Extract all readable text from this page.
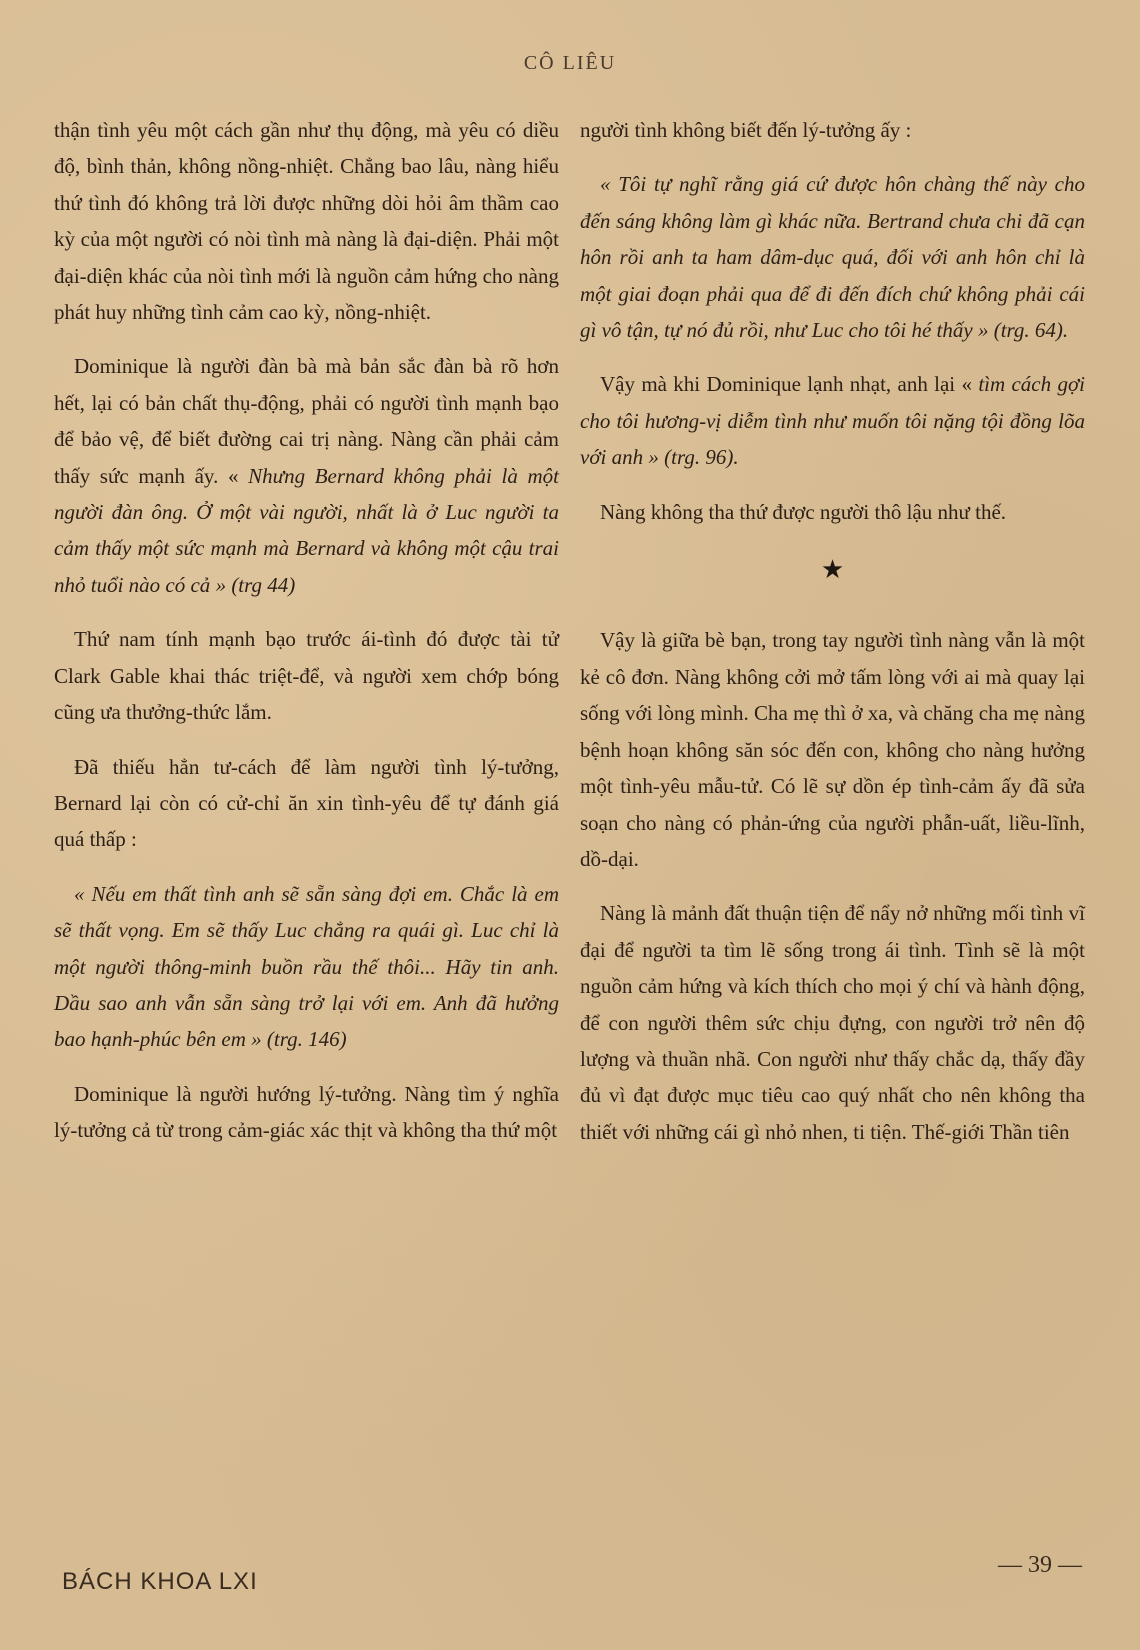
CÔ LIÊU

thận tình yêu một cách gần như thụ động, mà yêu có diều độ, bình thản, không nồng-nhiệt. Chẳng bao lâu, nàng hiểu thứ tình đó không trả lời được những dòi hỏi âm thầm cao kỳ của một người có nòi tình mà nàng là đại-diện. Phải một đại-diện khác của nòi tình mới là nguồn cảm hứng cho nàng phát huy những tình cảm cao kỳ, nồng-nhiệt.

Dominique là người đàn bà mà bản sắc đàn bà rõ hơn hết, lại có bản chất thụ-động, phải có người tình mạnh bạo để bảo vệ, để biết đường cai trị nàng. Nàng cần phải cảm thấy sức mạnh ấy. « Nhưng Bernard không phải là một người đàn ông. Ở một vài người, nhất là ở Luc người ta cảm thấy một sức mạnh mà Bernard và không một cậu trai nhỏ tuổi nào có cả » (trg 44)

Thứ nam tính mạnh bạo trước ái-tình đó được tài tử Clark Gable khai thác triệt-để, và người xem chớp bóng cũng ưa thưởng-thức lắm.

Đã thiếu hẳn tư-cách để làm người tình lý-tưởng, Bernard lại còn có cử-chỉ ăn xin tình-yêu để tự đánh giá quá thấp :

« Nếu em thất tình anh sẽ sẵn sàng đợi em. Chắc là em sẽ thất vọng. Em sẽ thấy Luc chẳng ra quái gì. Luc chỉ là một người thông-minh buồn rầu thế thôi... Hãy tin anh. Dầu sao anh vẫn sẵn sàng trở lại với em. Anh đã hưởng bao hạnh-phúc bên em » (trg. 146)

Dominique là người hướng lý-tưởng. Nàng tìm ý nghĩa lý-tưởng cả từ trong cảm-giác xác thịt và không tha thứ một

người tình không biết đến lý-tưởng ấy :

« Tôi tự nghĩ rằng giá cứ được hôn chàng thế này cho đến sáng không làm gì khác nữa. Bertrand chưa chi đã cạn hôn rồi anh ta ham dâm-dục quá, đối với anh hôn chỉ là một giai đoạn phải qua để đi đến đích chứ không phải cái gì vô tận, tự nó đủ rồi, như Luc cho tôi hé thấy » (trg. 64).

Vậy mà khi Dominique lạnh nhạt, anh lại « tìm cách gợi cho tôi hương-vị diễm tình như muốn tôi nặng tội đồng lõa với anh » (trg. 96).

Nàng không tha thứ được người thô lậu như thế.

★

Vậy là giữa bè bạn, trong tay người tình nàng vẫn là một kẻ cô đơn. Nàng không cởi mở tấm lòng với ai mà quay lại sống với lòng mình. Cha mẹ thì ở xa, và chăng cha mẹ nàng bệnh hoạn không săn sóc đến con, không cho nàng hưởng một tình-yêu mẫu-tử. Có lẽ sự dồn ép tình-cảm ấy đã sửa soạn cho nàng có phản-ứng của người phẫn-uất, liều-lĩnh, dồ-dại.

Nàng là mảnh đất thuận tiện để nẩy nở những mối tình vĩ đại để người ta tìm lẽ sống trong ái tình. Tình sẽ là một nguồn cảm hứng và kích thích cho mọi ý chí và hành động, để con người thêm sức chịu đựng, con người trở nên độ lượng và thuần nhã. Con người như thấy chắc dạ, thấy đầy đủ vì đạt được mục tiêu cao quý nhất cho nên không tha thiết với những cái gì nhỏ nhen, ti tiện. Thế-giới Thần tiên

BÁCH KHOA LXI
— 39 —
